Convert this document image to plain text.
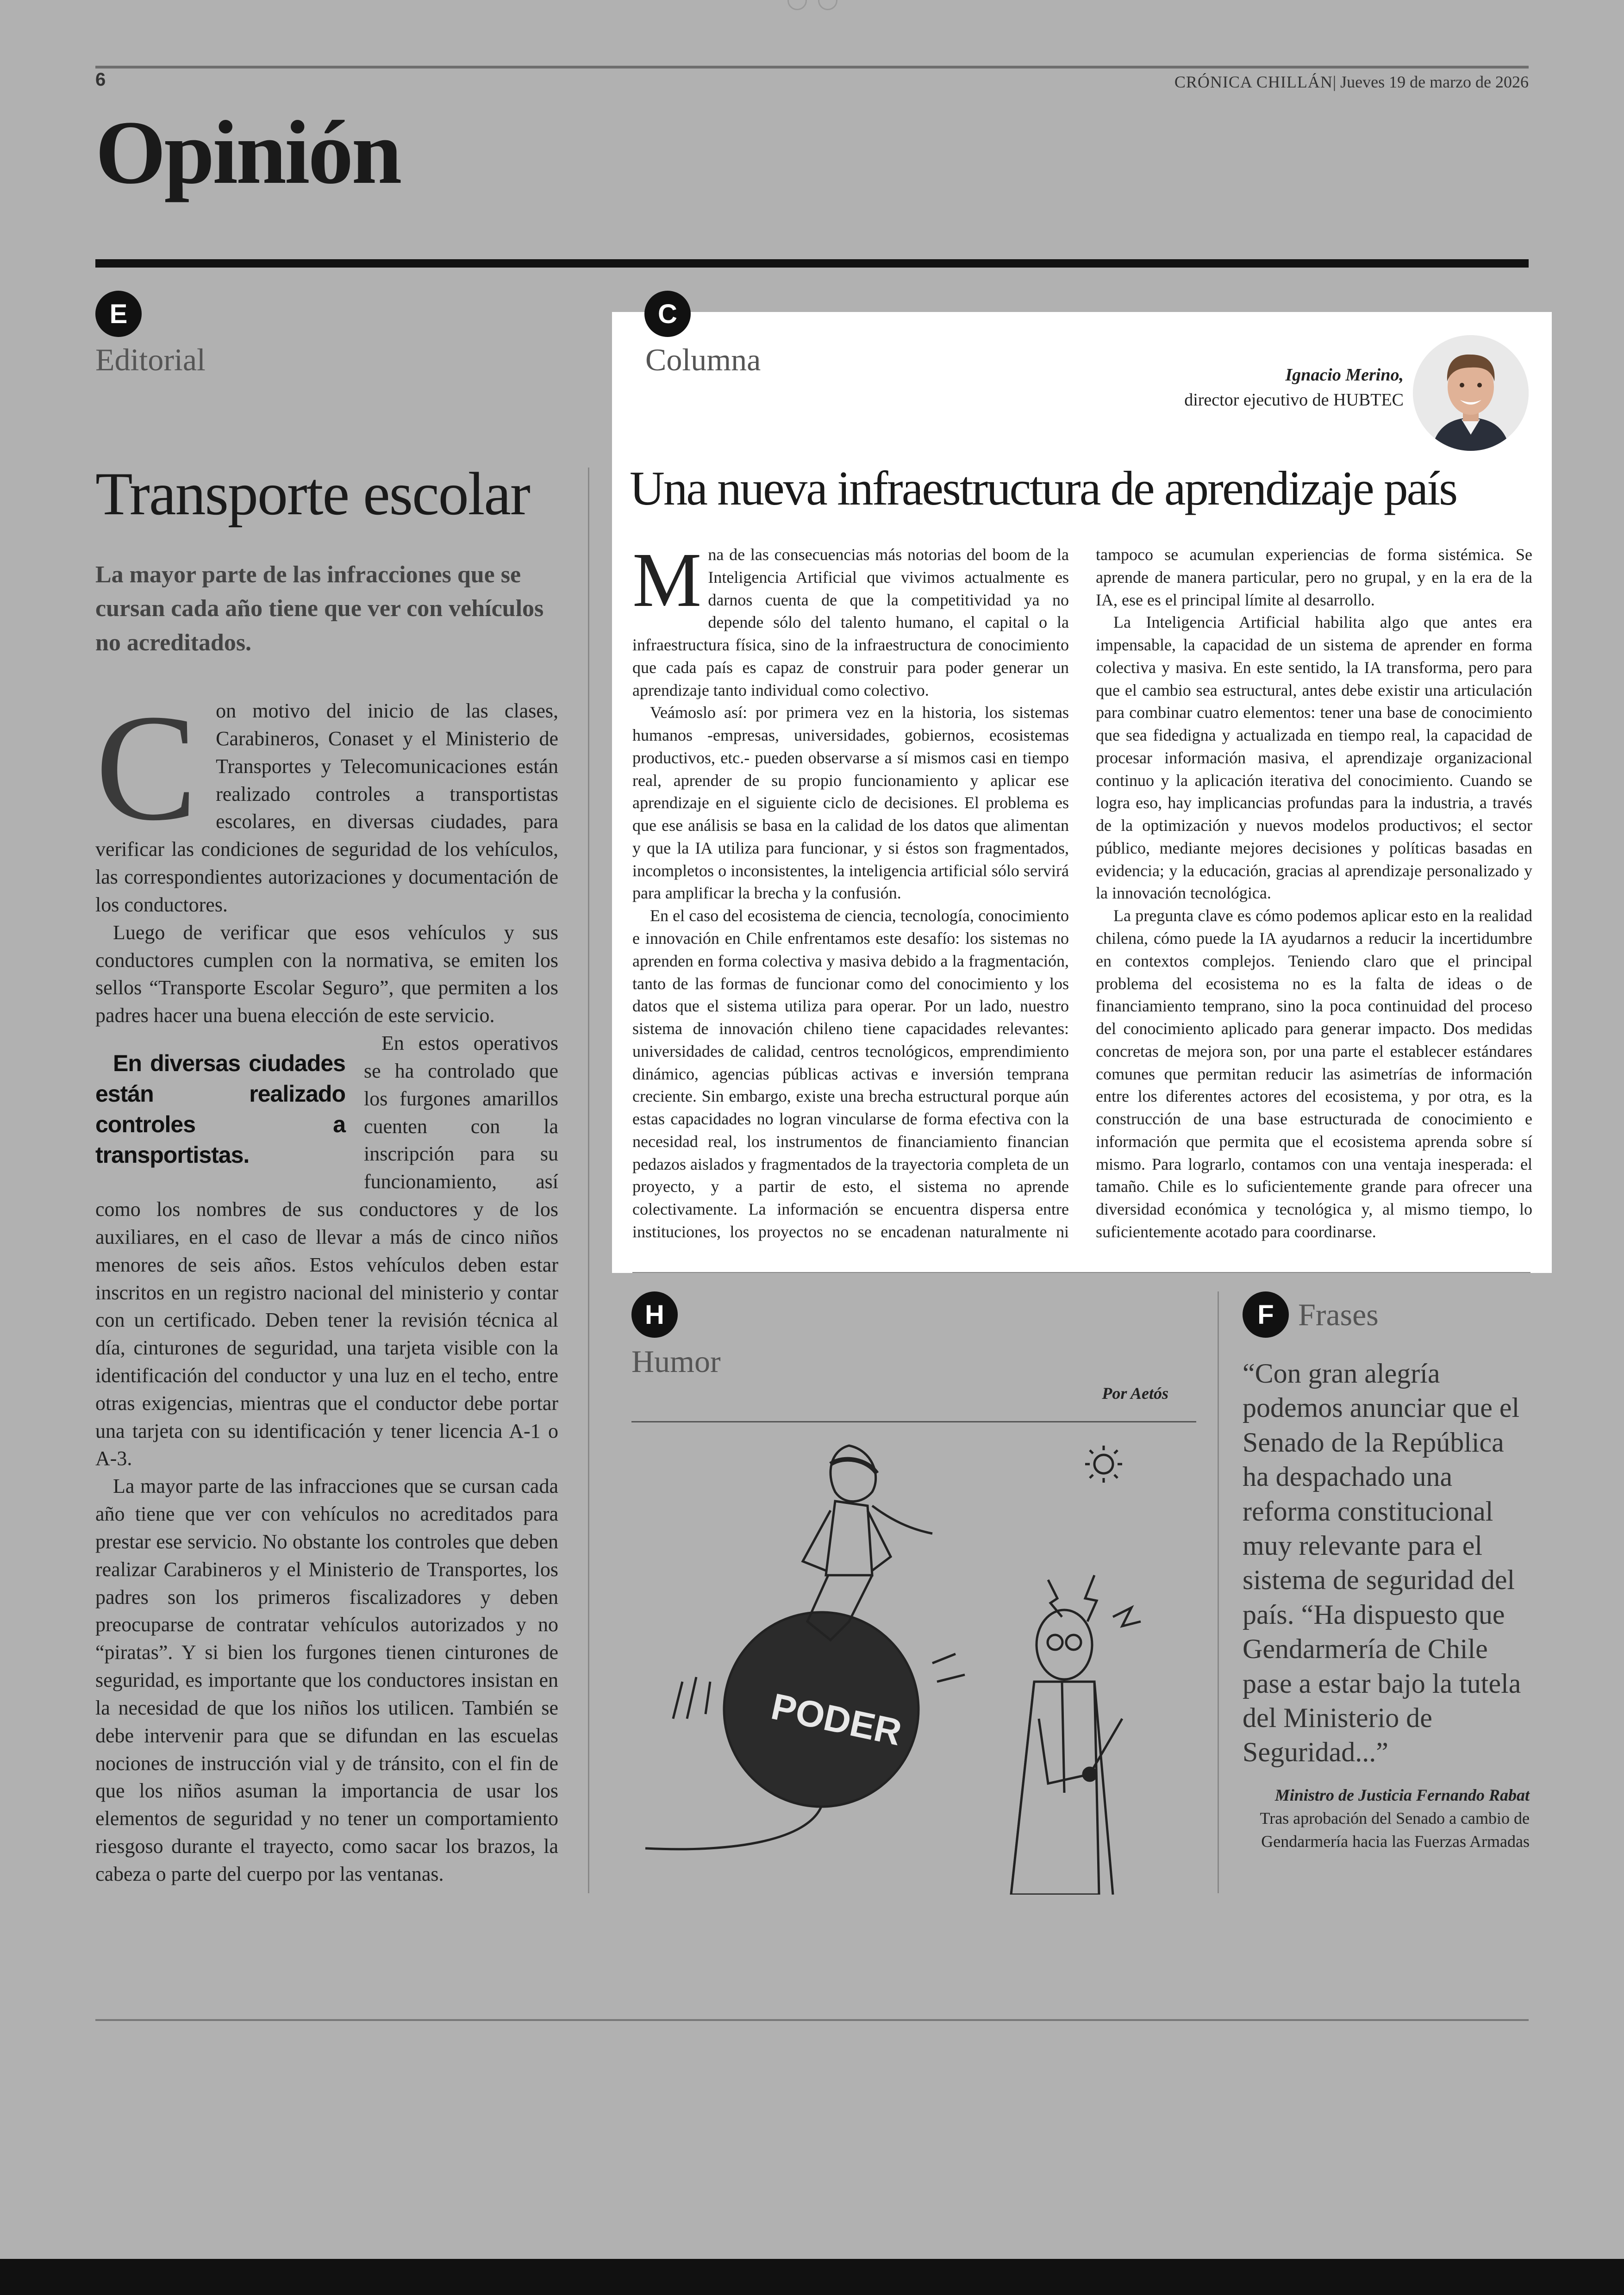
6	CRÓNICA CHILLÁN| Jueves 19 de marzo de 2026
Opinión
E
Editorial
Transporte escolar
La mayor parte de las infracciones que se cursan cada año tiene que ver con vehículos no acreditados.

Con motivo del inicio de las clases, Carabineros, Conaset y el Ministerio de Transportes y Telecomunicaciones están realizado controles a transportistas escolares, en diversas ciudades, para verificar las condiciones de seguridad de los vehículos, las correspondientes autorizaciones y documentación de los conductores.

Luego de verificar que esos vehículos y sus conductores cumplen con la normativa, se emiten los sellos “Transporte Escolar Seguro”, que permiten a los padres hacer una buena elección de este servicio.

En diversas ciudades están realizado controles a transportistas.
En estos operativos se ha controlado que los furgones amarillos cuenten con la inscripción para su funcionamiento, así como los nombres de sus conductores y de los auxiliares, en el caso de llevar a más de cinco niños menores de seis años. Estos vehículos deben estar inscritos en un registro nacional del ministerio y contar con un certificado. Deben tener la revisión técnica al día, cinturones de seguridad, una tarjeta visible con la identificación del conductor y una luz en el techo, entre otras exigencias, mientras que el conductor debe portar una tarjeta con su identificación y tener licencia A-1 o A-3.

La mayor parte de las infracciones que se cursan cada año tiene que ver con vehículos no acreditados para prestar ese servicio. No obstante los controles que deben realizar Carabineros y el Ministerio de Transportes, los padres son los primeros fiscalizadores y deben preocuparse de contratar vehículos autorizados y no “piratas”. Y si bien los furgones tienen cinturones de seguridad, es importante que los conductores insistan en la necesidad de que los niños los utilicen. También se debe intervenir para que se difundan en las escuelas nociones de instrucción vial y de tránsito, con el fin de que los niños asuman la importancia de usar los elementos de seguridad y no tener un comportamiento riesgoso durante el trayecto, como sacar los brazos, la cabeza o parte del cuerpo por las ventanas.

Ignacio Merino,
director ejecutivo de HUBTEC
Una nueva infraestructura de aprendizaje país

Mna de las consecuencias más notorias del boom de la Inteligencia Artificial que vivimos actualmente es darnos cuenta de que la competitividad ya no depende sólo del talento humano, el capital o la infraestructura física, sino de la infraestructura de conocimiento que cada país es capaz de construir para poder generar un aprendizaje tanto individual como colectivo.

Veámoslo así: por primera vez en la historia, los sistemas humanos -empresas, universidades, gobiernos, ecosistemas productivos, etc.- pueden observarse a sí mismos casi en tiempo real, aprender de su propio funcionamiento y aplicar ese aprendizaje en el siguiente ciclo de decisiones. El problema es que ese análisis se basa en la calidad de los datos que alimentan y que la IA utiliza para funcionar, y si éstos son fragmentados, incompletos o inconsistentes, la inteligencia artificial sólo servirá para amplificar la brecha y la confusión.

En el caso del ecosistema de ciencia, tecnología, conocimiento e innovación en Chile enfrentamos este desafío: los sistemas no aprenden en forma colectiva y masiva debido a la fragmentación, tanto de las formas de funcionar como del conocimiento y los datos que el sistema utiliza para operar. Por un lado, nuestro sistema de innovación chileno tiene capacidades relevantes: universidades de calidad, centros tecnológicos, emprendimiento dinámico, agencias públicas activas e inversión temprana creciente. Sin embargo, existe una brecha estructural porque aún estas capacidades no logran vincularse de forma efectiva con la necesidad real, los instrumentos de financiamiento financian pedazos aislados y fragmentados de la trayectoria completa de un proyecto, y a partir de esto, el sistema no aprende colectivamente. La información se encuentra dispersa entre instituciones, los proyectos no se encadenan naturalmente ni tampoco se acumulan experiencias de forma sistémica. Se aprende de manera particular, pero no grupal, y en la era de la IA, ese es el principal límite al desarrollo.

La Inteligencia Artificial habilita algo que antes era impensable, la capacidad de un sistema de aprender en forma colectiva y masiva. En este sentido, la IA transforma, pero para que el cambio sea estructural, antes debe existir una articulación para combinar cuatro elementos: tener una base de conocimiento que sea fidedigna y actualizada en tiempo real, la capacidad de procesar información masiva, el aprendizaje organizacional continuo y la aplicación iterativa del conocimiento. Cuando se logra eso, hay implicancias profundas para la industria, a través de la optimización y nuevos modelos productivos; el sector público, mediante mejores decisiones y políticas basadas en evidencia; y la educación, gracias al aprendizaje personalizado y la innovación tecnológica.

La pregunta clave es cómo podemos aplicar esto en la realidad chilena, cómo puede la IA ayudarnos a reducir la incertidumbre en contextos complejos. Teniendo claro que el principal problema del ecosistema no es la falta de ideas o de financiamiento temprano, sino la poca continuidad del proceso del conocimiento aplicado para generar impacto. Dos medidas concretas de mejora son, por una parte el establecer estándares comunes que permitan reducir las asimetrías de información entre los diferentes actores del ecosistema, y por otra, es la construcción de una base estructurada de conocimiento e información que permita que el ecosistema aprenda sobre sí mismo. Para lograrlo, contamos con una ventaja inesperada: el tamaño. Chile es lo suficientemente grande para ofrecer una diversidad económica y tecnológica y, al mismo tiempo, lo suficientemente acotado para coordinarse.

C
Columna
H
Humor
Por Aetós
PODER
F Frases
“Con gran alegría podemos anunciar que el Senado de la República ha despachado una reforma constitucional muy relevante para el sistema de seguridad del país. “Ha dispuesto que Gendarmería de Chile pase a estar bajo la tutela del Ministerio de Seguridad...”
Ministro de Justicia Fernando Rabat
Tras aprobación del Senado a cambio de Gendarmería hacia las Fuerzas Armadas
